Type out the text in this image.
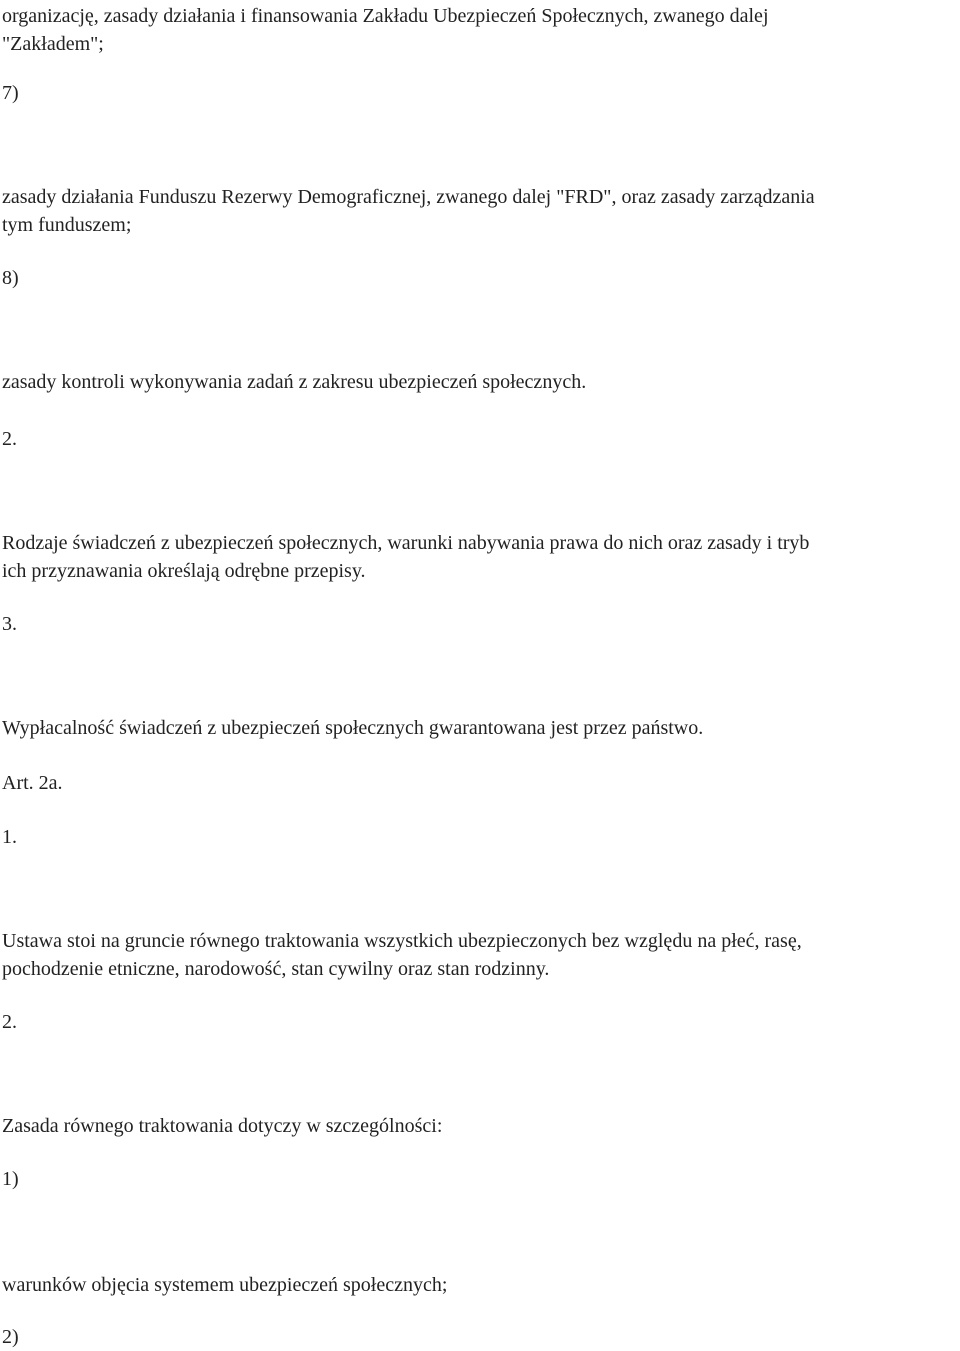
organizację, zasady działania i finansowania Zakładu Ubezpieczeń Społecznych, zwanego dalej

"Zakładem";

7)

zasady działania Funduszu Rezerwy Demograficznej, zwanego dalej "FRD", oraz zasady zarządzania

tym funduszem;

8)

zasady kontroli wykonywania zadań z zakresu ubezpieczeń społecznych.

2.

Rodzaje świadczeń z ubezpieczeń społecznych, warunki nabywania prawa do nich oraz zasady i tryb

ich przyznawania określają odrębne przepisy.

3.

Wypłacalność świadczeń z ubezpieczeń społecznych gwarantowana jest przez państwo.

Art. 2a.

1.

Ustawa stoi na gruncie równego traktowania wszystkich ubezpieczonych bez względu na płeć, rasę,

pochodzenie etniczne, narodowość, stan cywilny oraz stan rodzinny.

2.

Zasada równego traktowania dotyczy w szczególności:

1)

warunków objęcia systemem ubezpieczeń społecznych;

2)
